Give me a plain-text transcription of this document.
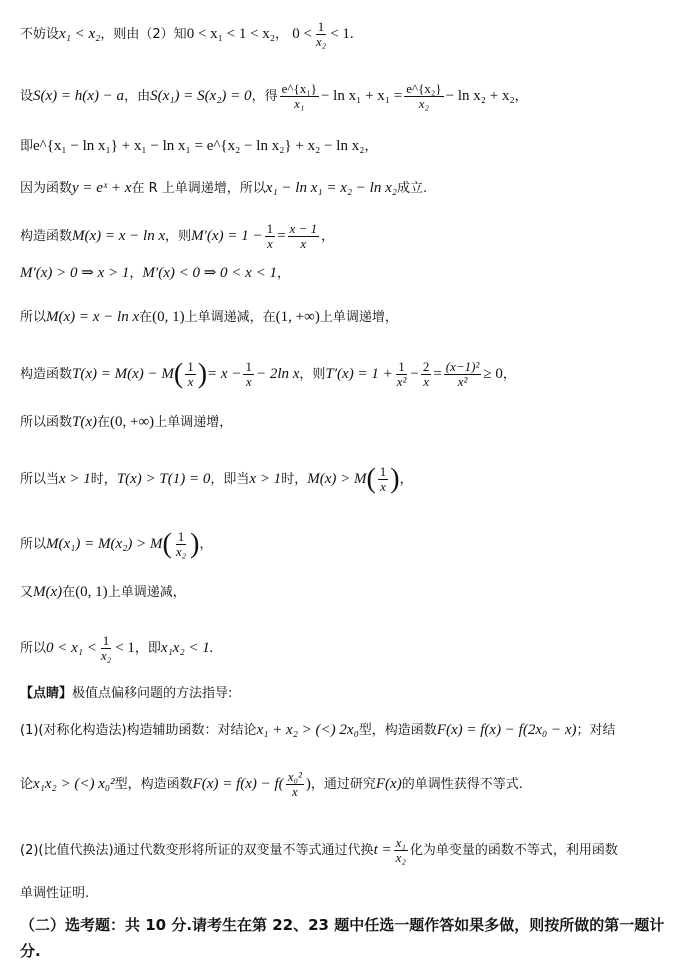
不妨设x₁ < x₂，则由（2）知0 < x₁ < 1 < x₂， $0 < \frac{1}{\text{x₂}} < 1$.
设S(x) = h(x) − a，由S(x₁) = S(x₂) = 0，得 $\frac{\text{e\textasciicircum{}\{x₁\}}}{\text{x₁}} - \ln x_1 + x_1 = \frac{\text{e\textasciicircum{}\{x₂\}}}{\text{x₂}} - \ln x_2 + x_2$，
即e^{x₁ − ln x₁} + x₁ − ln x₁ = e^{x₂ − ln x₂} + x₂ − ln x₂，
因为函数y = eˣ + x在 R 上单调递增，所以x₁ − ln x₁ = x₂ − ln x₂成立.
构造函数M(x) = x − ln x，则$M'(x) = 1 - \frac{1}{x} = \frac{x - 1}{x}$ ，
M′(x) > 0 ⇒ x > 1，M′(x) < 0 ⇒ 0 < x < 1，
所以M(x) = x − ln x在(0, 1)上单调递减，在(1, +∞)上单调递增，
构造函数$T(x) = M(x) - M( \frac{1}{x}$ )= $x - \frac{1}{x} - 2\ln$ x，则$T'(x) = 1 + \frac{1}{\text{x²}} - \frac{2}{x} = \frac{\text{(x−1)²}}{\text{x²}} \ge 0$，
所以函数T(x)在(0, +∞)上单调递增，
所以当x > 1时，T(x) > T(1) = 0，即当x > 1时，$M(x) > M( \frac{1}{x}$ )，
所以$M(x_1) = M(x_2) > M( \frac{1}{\text{x₂}}$ )，
又M(x)在(0, 1)上单调递减，
所以$0 < x_1 < \frac{1}{\text{x₂}} < 1$，即x₁x₂ < 1.
【点睛】极值点偏移问题的方法指导:
(1)(对称化构造法)构造辅助函数：对结论x₁ + x₂ > (<) 2x₀型，构造函数F(x) = f(x) − f(2x₀ − x)；对结
论x₁x₂ > (<) x₀²型，构造函数$F(x) = f(x) - f( \frac{\text{x₀²}}{x}$ )，通过研究F(x)的单调性获得不等式.
(2)(比值代换法)通过代数变形将所证的双变量不等式通过代换$t = \frac{\text{x₁}}{\text{x₂}}$ 化为单变量的函数不等式，利用函数
单调性证明.
（二）选考题：共 10 分.请考生在第 22、23 题中任选一题作答如果多做，则按所做的第一题计分.
